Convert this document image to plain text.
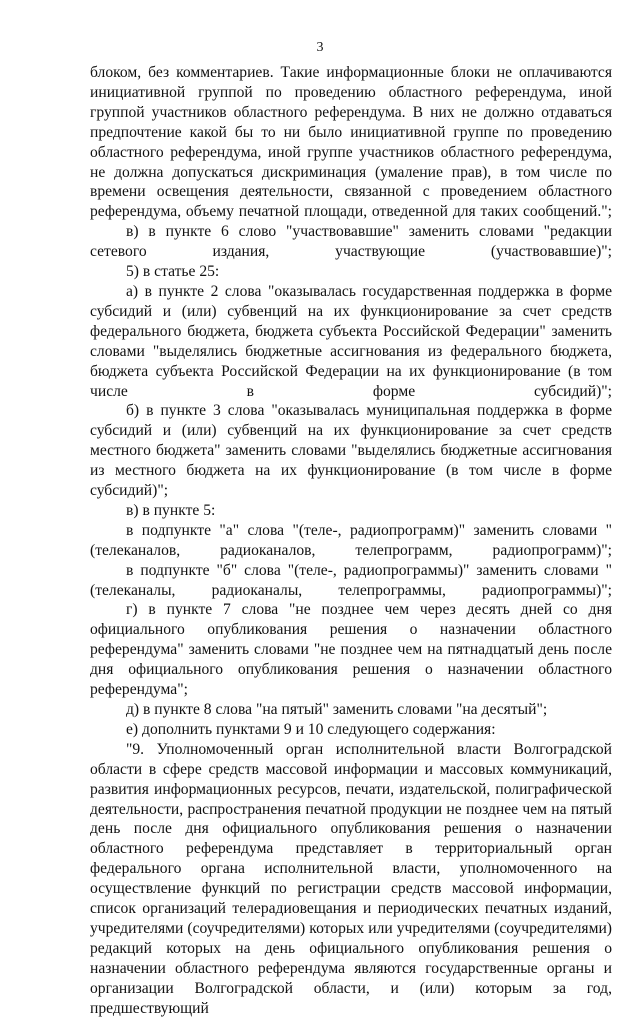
3

блоком, без комментариев. Такие информационные блоки не оплачиваются инициативной группой по проведению областного референдума, иной группой участников областного референдума. В них не должно отдаваться предпочтение какой бы то ни было инициативной группе по проведению областного референдума, иной группе участников областного референдума, не должна допускаться дискриминация (умаление прав), в том числе по времени освещения деятельности, связанной с проведением областного референдума, объему печатной площади, отведенной для таких сообщений.";

в) в пункте 6 слово "участвовавшие" заменить словами "редакции сетевого издания, участвующие (участвовавшие)";

5) в статье 25:

а) в пункте 2 слова "оказывалась государственная поддержка в форме субсидий и (или) субвенций на их функционирование за счет средств федерального бюджета, бюджета субъекта Российской Федерации" заменить словами "выделялись бюджетные ассигнования из федерального бюджета, бюджета субъекта Российской Федерации на их функционирование (в том числе в форме субсидий)";

б) в пункте 3 слова "оказывалась муниципальная поддержка в форме субсидий и (или) субвенций на их функционирование за счет средств местного бюджета" заменить словами "выделялись бюджетные ассигнования из местного бюджета на их функционирование (в том числе в форме субсидий)";

в) в пункте 5:

в подпункте "а" слова "(теле-, радиопрограмм)" заменить словами "(телеканалов, радиоканалов, телепрограмм, радиопрограмм)";

в подпункте "б" слова "(теле-, радиопрограммы)" заменить словами "(телеканалы, радиоканалы, телепрограммы, радиопрограммы)";

г) в пункте 7 слова "не позднее чем через десять дней со дня официального опубликования решения о назначении областного референдума" заменить словами "не позднее чем на пятнадцатый день после дня официального опубликования решения о назначении областного референдума";

д) в пункте 8 слова "на пятый" заменить словами "на десятый";

е) дополнить пунктами 9 и 10 следующего содержания:

"9. Уполномоченный орган исполнительной власти Волгоградской области в сфере средств массовой информации и массовых коммуникаций, развития информационных ресурсов, печати, издательской, полиграфической деятельности, распространения печатной продукции не позднее чем на пятый день после дня официального опубликования решения о назначении областного референдума представляет в территориальный орган федерального органа исполнительной власти, уполномоченного на осуществление функций по регистрации средств массовой информации, список организаций телерадиовещания и периодических печатных изданий, учредителями (соучредителями) которых или учредителями (соучредителями) редакций которых на день официального опубликования решения о назначении областного референдума являются государственные органы и организации Волгоградской области, и (или) которым за год, предшествующий
